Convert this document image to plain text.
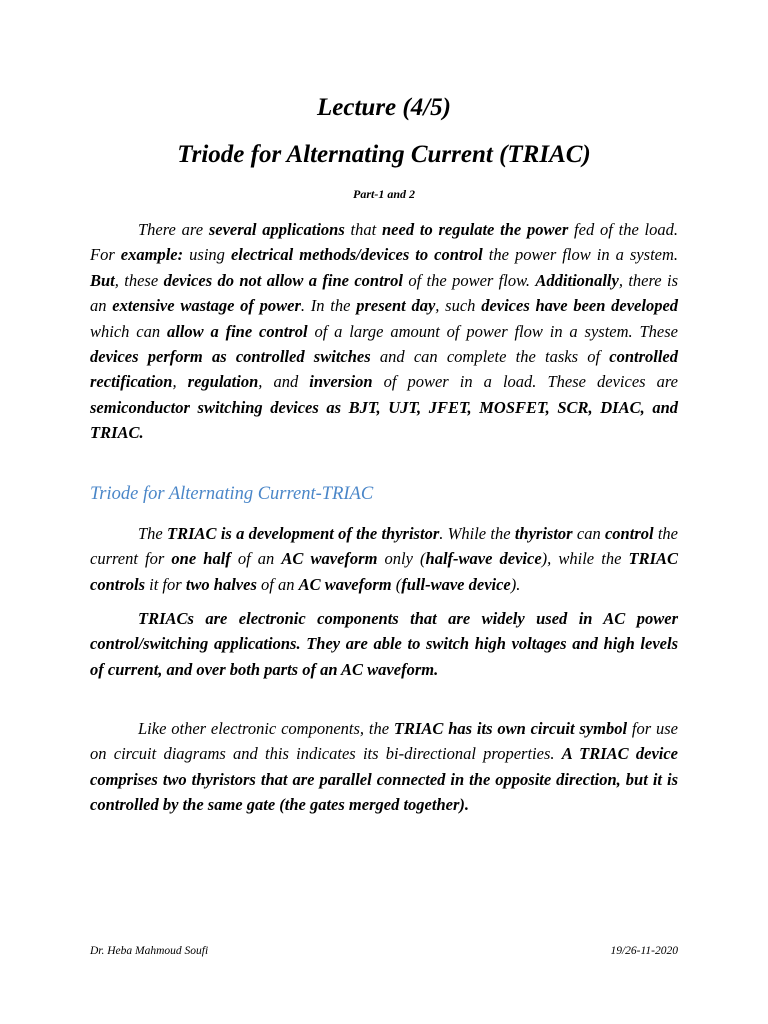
Lecture (4/5)
Triode for Alternating Current (TRIAC)
Part-1 and 2

There are several applications that need to regulate the power fed of the load. For example: using electrical methods/devices to control the power flow in a system. But, these devices do not allow a fine control of the power flow. Additionally, there is an extensive wastage of power. In the present day, such devices have been developed which can allow a fine control of a large amount of power flow in a system. These devices perform as controlled switches and can complete the tasks of controlled rectification, regulation, and inversion of power in a load. These devices are semiconductor switching devices as BJT, UJT, JFET, MOSFET, SCR, DIAC, and TRIAC.

Triode for Alternating Current-TRIAC

The TRIAC is a development of the thyristor. While the thyristor can control the current for one half of an AC waveform only (half-wave device), while the TRIAC controls it for two halves of an AC waveform (full-wave device).

TRIACs are electronic components that are widely used in AC power control/switching applications. They are able to switch high voltages and high levels of current, and over both parts of an AC waveform.

Like other electronic components, the TRIAC has its own circuit symbol for use on circuit diagrams and this indicates its bi-directional properties. A TRIAC device comprises two thyristors that are parallel connected in the opposite direction, but it is controlled by the same gate (the gates merged together).

Dr. Heba Mahmoud Soufi	19/26-11-2020
